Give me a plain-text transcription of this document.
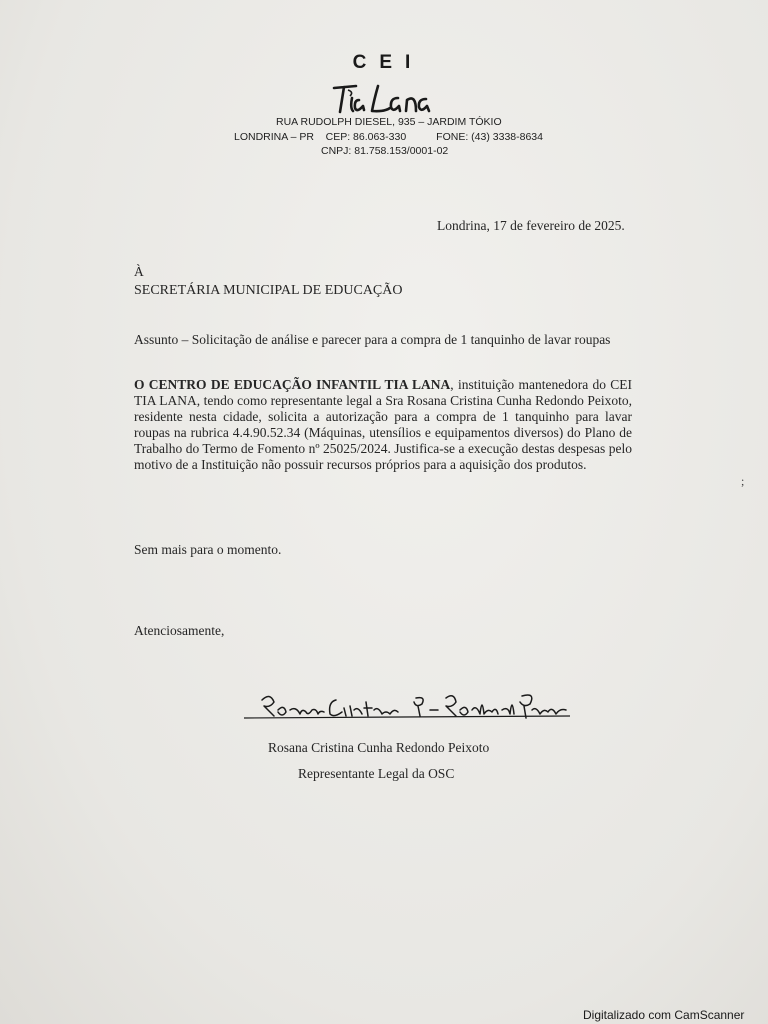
CEI
RUA RUDOLPH DIESEL, 935 – JARDIM TÓKIO
LONDRINA – PR    CEP: 86.063-330	FONE: (43) 3338-8634
CNPJ: 81.758.153/0001-02
Londrina, 17 de fevereiro de 2025.
À
SECRETÁRIA MUNICIPAL DE EDUCAÇÃO
Assunto – Solicitação de análise e parecer para a compra de 1 tanquinho de lavar roupas
O CENTRO DE EDUCAÇÃO INFANTIL TIA LANA, instituição mantenedora do CEI TIA LANA, tendo como representante legal a Sra Rosana Cristina Cunha Redondo Peixoto, residente nesta cidade, solicita a autorização para a compra de 1 tanquinho para lavar roupas na rubrica 4.4.90.52.34 (Máquinas, utensílios e equipamentos diversos) do Plano de Trabalho do Termo de Fomento nº 25025/2024. Justifica-se a execução destas despesas pelo motivo de a Instituição não possuir recursos próprios para a aquisição dos produtos.
;
Sem mais para o momento.
Atenciosamente,
Rosana Cristina Cunha Redondo Peixoto
Representante Legal da OSC
Digitalizado com CamScanner
